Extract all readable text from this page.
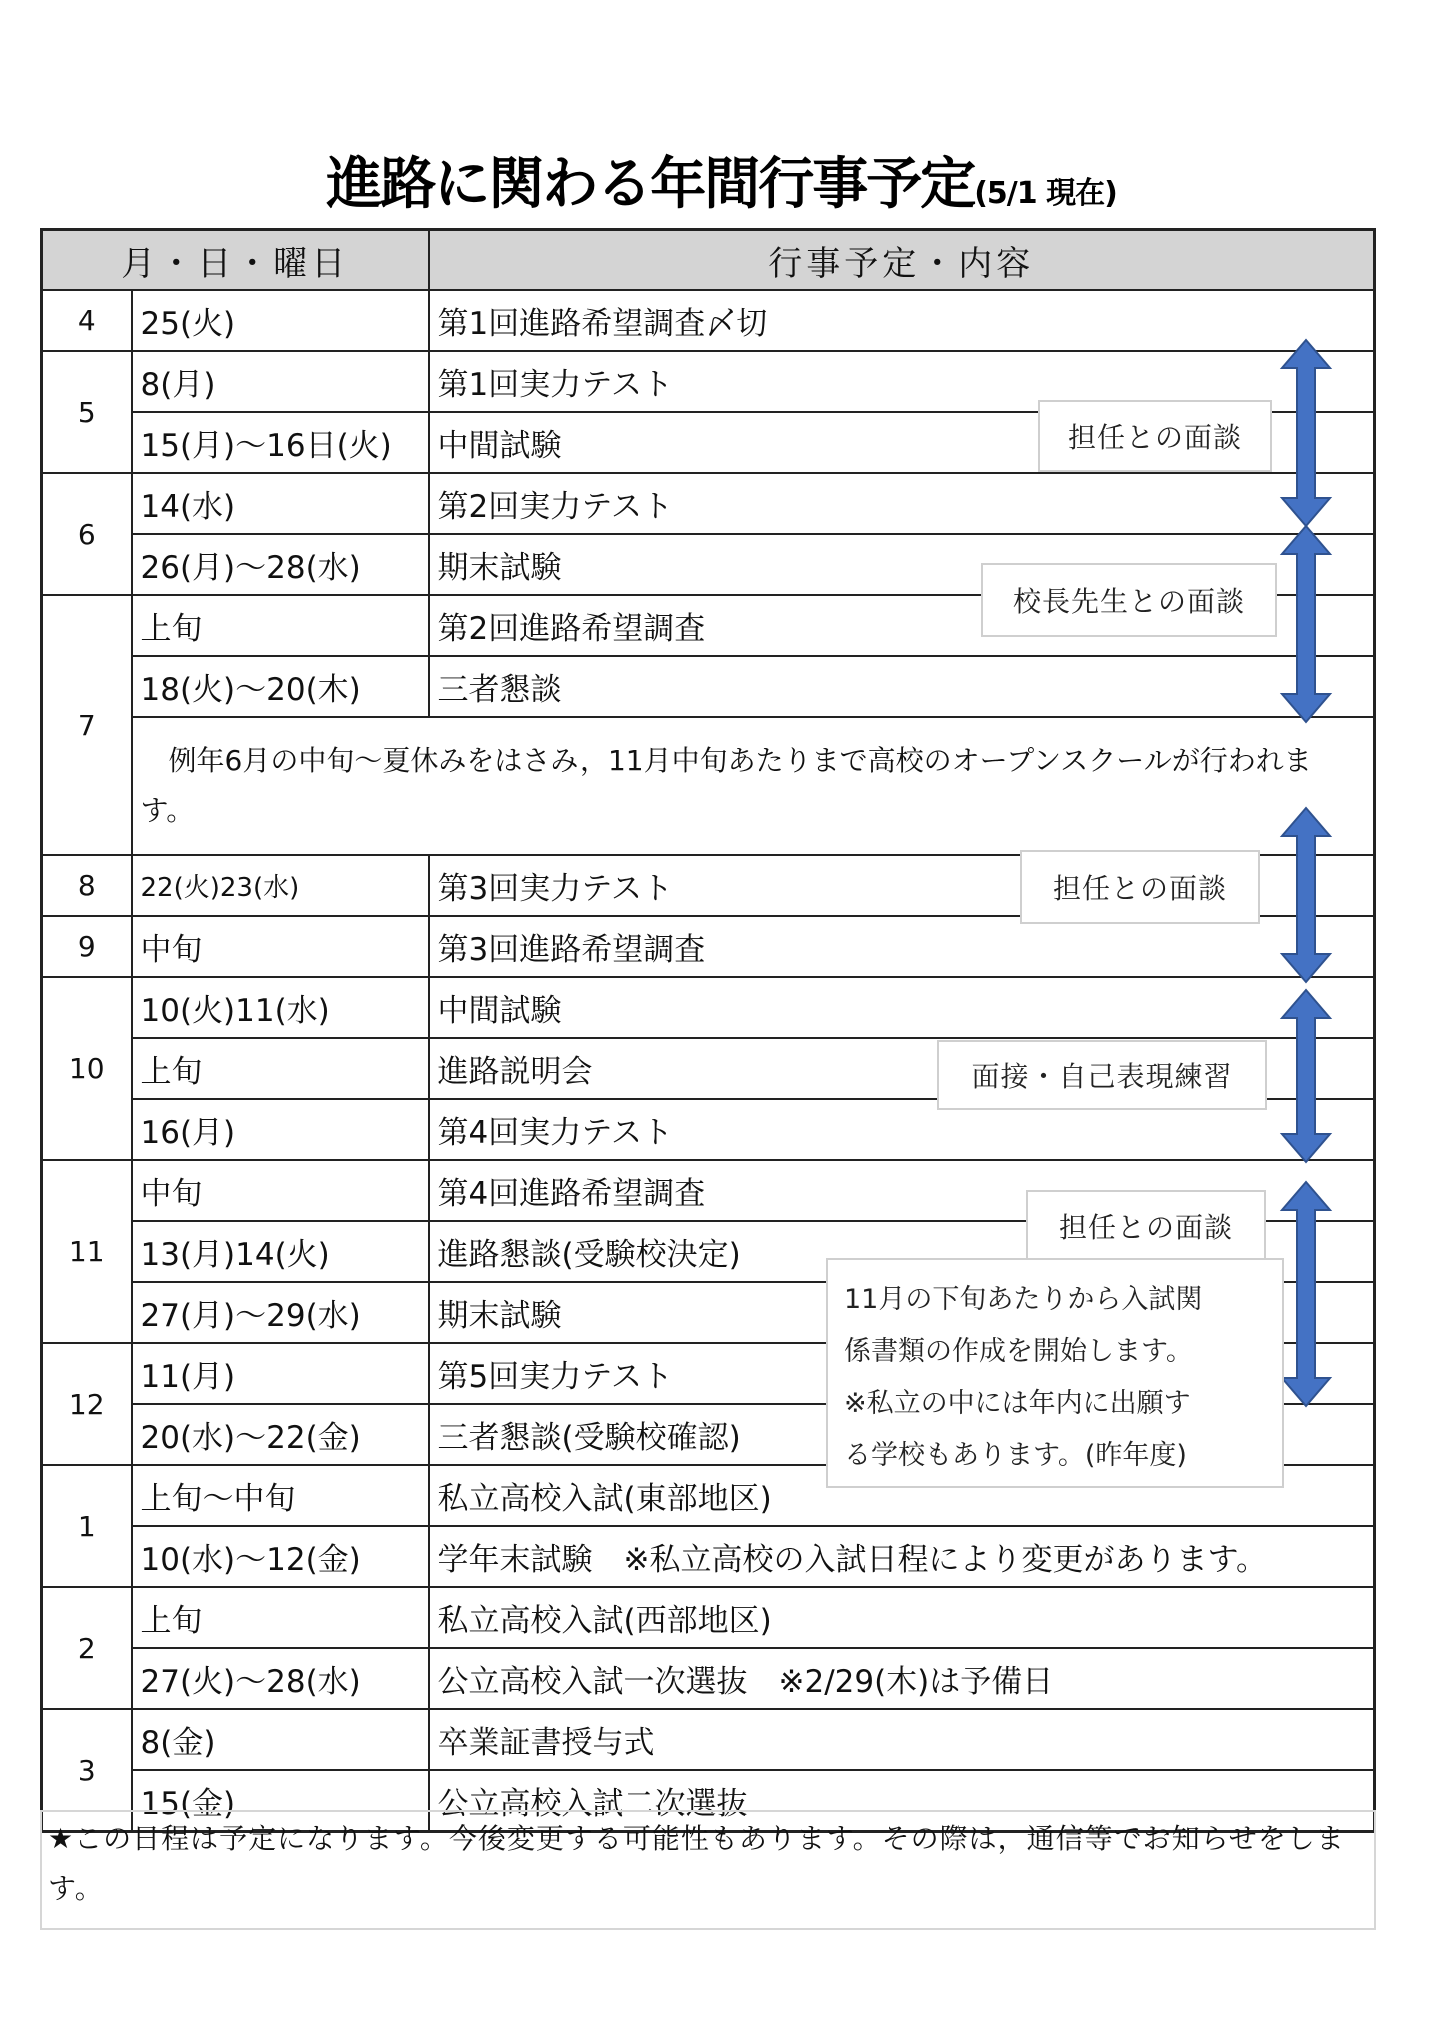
進路に関わる年間行事予定(5/1 現在)
月・日・曜日		行事予定・内容
4	25(火)	第1回進路希望調査〆切
5	8(月)	第1回実力テスト
	15(月)～16日(火)	中間試験
6	14(水)	第2回実力テスト
	26(月)～28(水)	期末試験
7	上旬	第2回進路希望調査
	18(火)～20(木)	三者懇談
	　例年6月の中旬～夏休みをはさみ，11月中旬あたりまで高校のオープンスクールが行われます。	
8	22(火)23(水)	第3回実力テスト
9	中旬	第3回進路希望調査
10	10(火)11(水)	中間試験
	上旬	進路説明会
	16(月)	第4回実力テスト
11	中旬	第4回進路希望調査
	13(月)14(火)	進路懇談(受験校決定)
	27(月)～29(水)	期末試験
12	11(月)	第5回実力テスト
	20(水)～22(金)	三者懇談(受験校確認)
1	上旬～中旬	私立高校入試(東部地区)
	10(水)～12(金)	学年末試験　※私立高校の入試日程により変更があります。
2	上旬	私立高校入試(西部地区)
	27(火)～28(水)	公立高校入試一次選抜　※2/29(木)は予備日
3	8(金)	卒業証書授与式
	15(金)	公立高校入試二次選抜
担任との面談
校長先生との面談
担任との面談
面接・自己表現練習
担任との面談
11月の下旬あたりから入試関
係書類の作成を開始します。
※私立の中には年内に出願す
る学校もあります。(昨年度)
★この日程は予定になります。今後変更する可能性もあります。その際は，通信等でお知らせをします。
